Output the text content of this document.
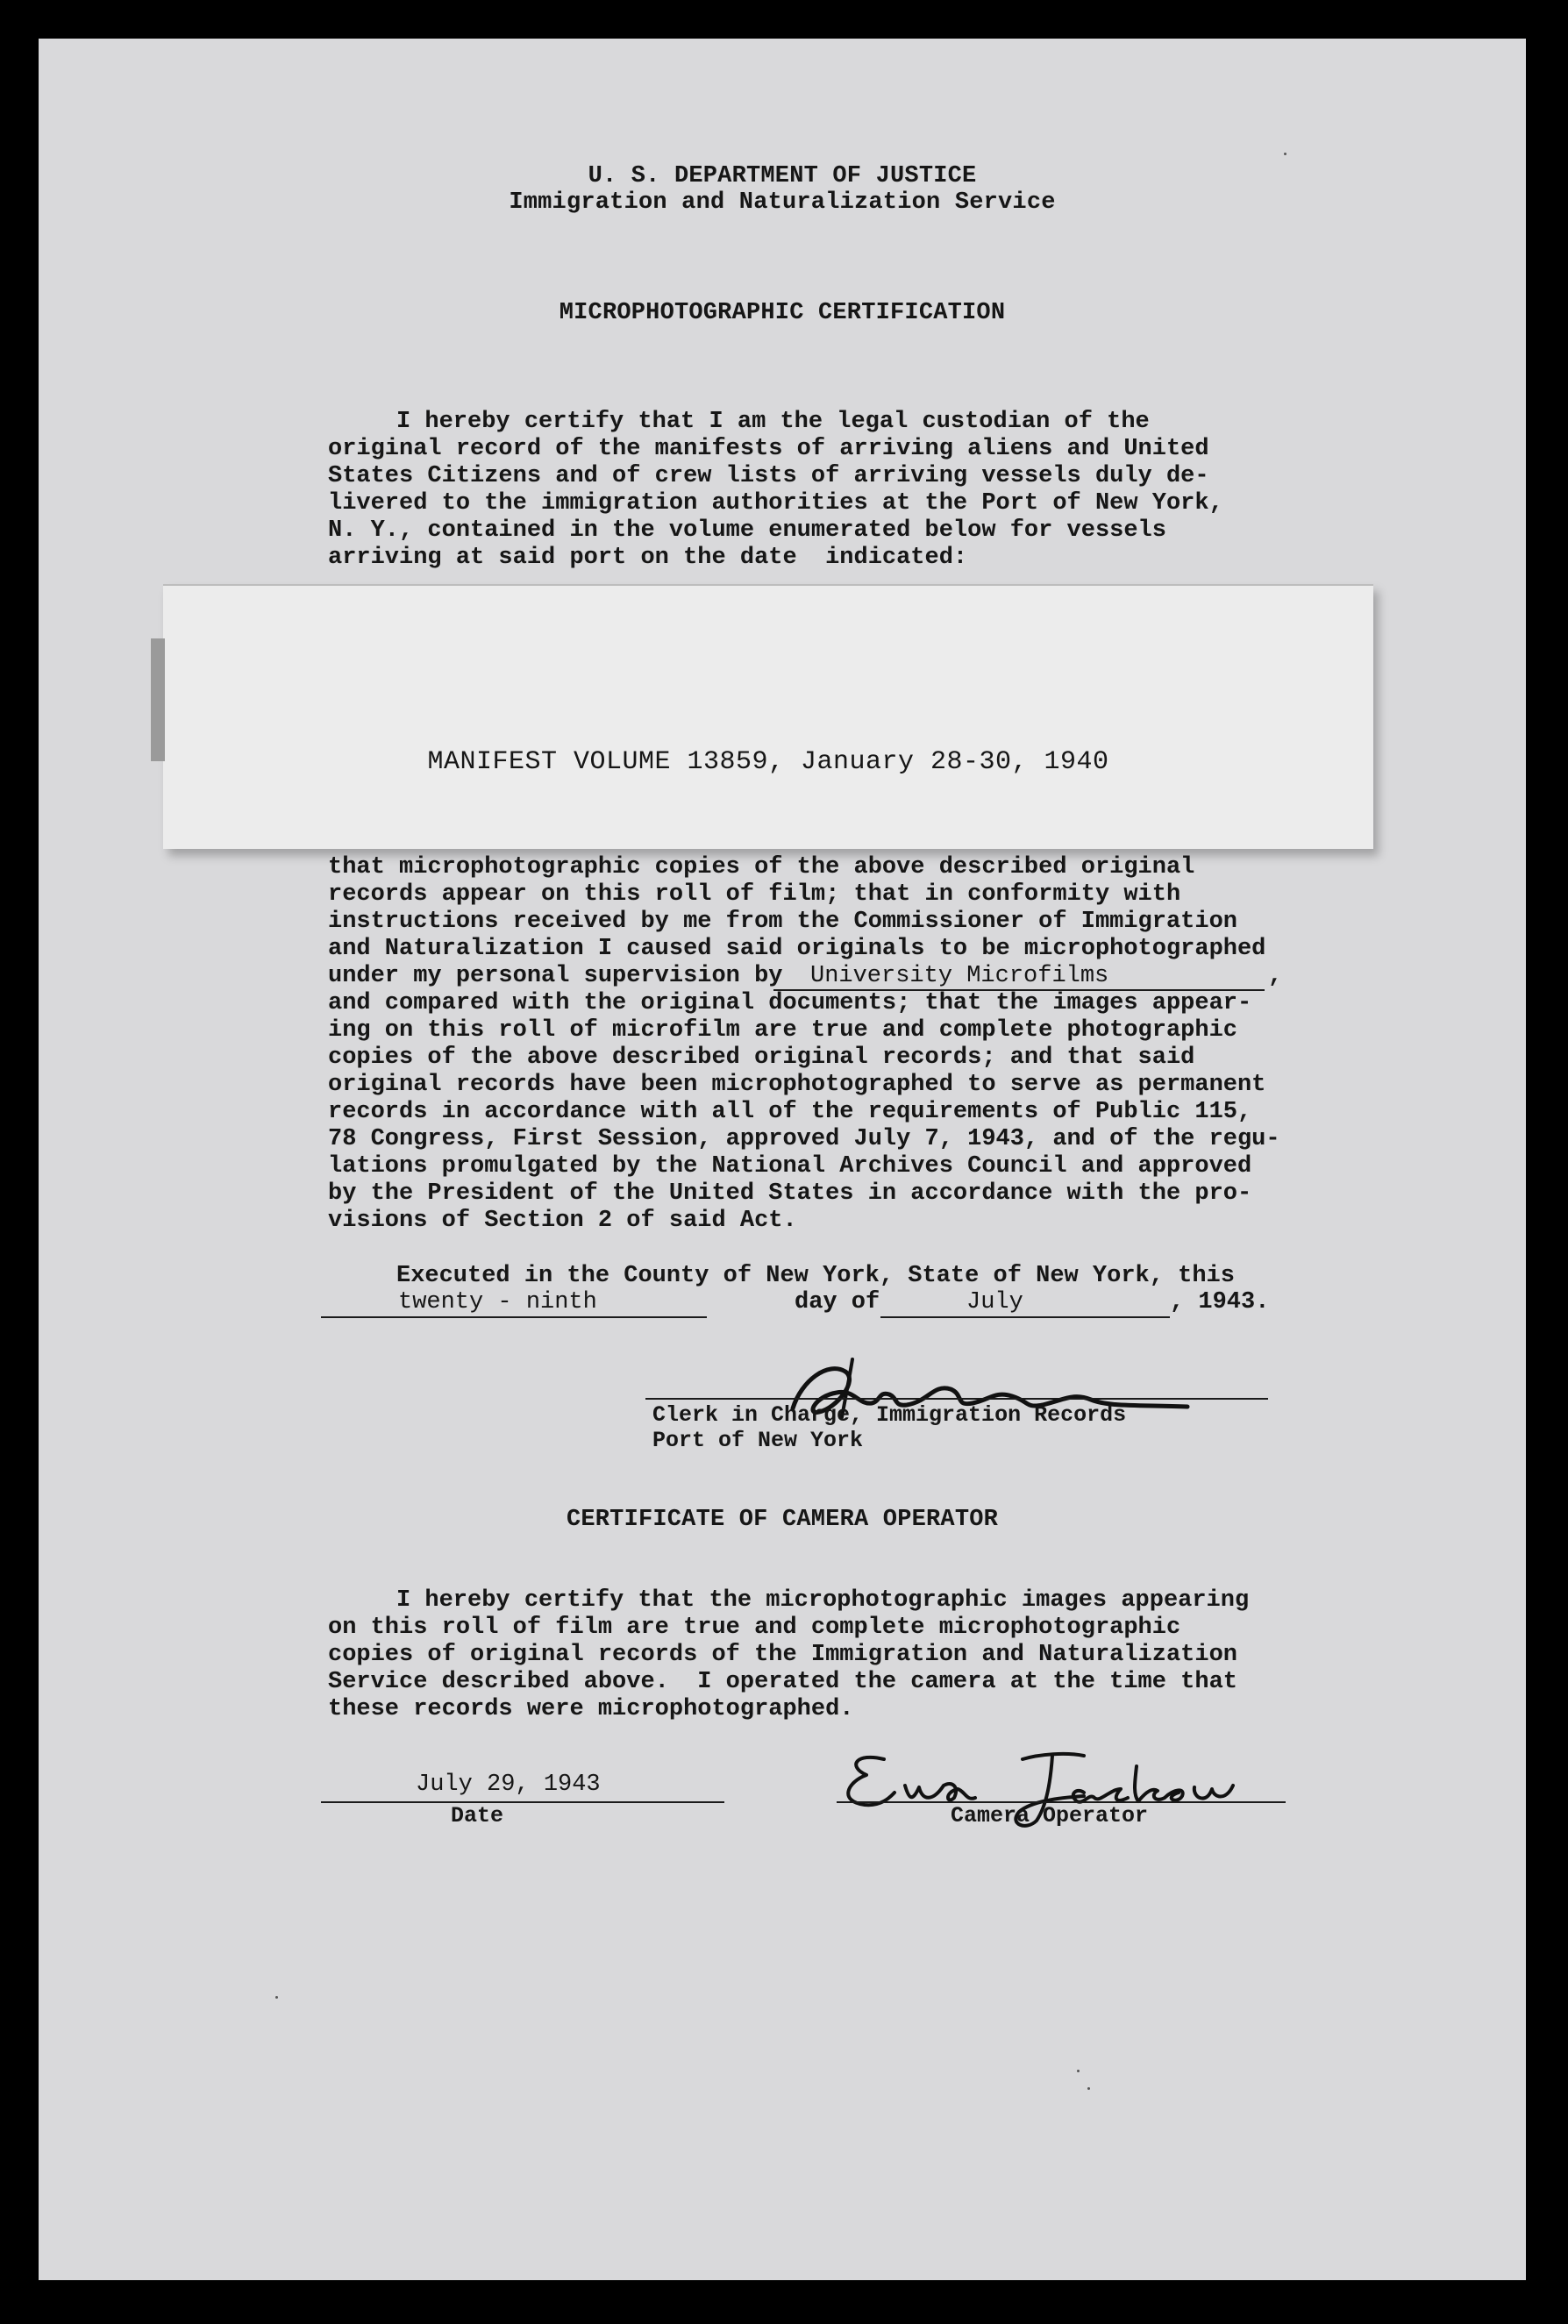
U. S. DEPARTMENT OF JUSTICE
Immigration and Naturalization Service
MICROPHOTOGRAPHIC CERTIFICATION
I hereby certify that I am the legal custodian of the
original record of the manifests of arriving aliens and United
States Citizens and of crew lists of arriving vessels duly de-
livered to the immigration authorities at the Port of New York,
N. Y., contained in the volume enumerated below for vessels
arriving at said port on the date  indicated:
MANIFEST VOLUME 13859, January 28-30, 1940
that microphotographic copies of the above described original
records appear on this roll of film; that in conformity with
instructions received by me from the Commissioner of Immigration
and Naturalization I caused said originals to be microphotographed
under my personal supervision by University Microfilms	,
and compared with the original documents; that the images appear-
ing on this roll of microfilm are true and complete photographic
copies of the above described original records; and that said
original records have been microphotographed to serve as permanent
records in accordance with all of the requirements of Public 115,
78 Congress, First Session, approved July 7, 1943, and of the regu-
lations promulgated by the National Archives Council and approved
by the President of the United States in accordance with the pro-
visions of Section 2 of said Act.
Executed in the County of New York, State of New York, this
twenty - ninth	day of	July	, 1943.
Clerk in Charge, Immigration Records
Port of New York
CERTIFICATE OF CAMERA OPERATOR
I hereby certify that the microphotographic images appearing
on this roll of film are true and complete microphotographic
copies of original records of the Immigration and Naturalization
Service described above.  I operated the camera at the time that
these records were microphotographed.
July 29, 1943
Date	Camera Operator
